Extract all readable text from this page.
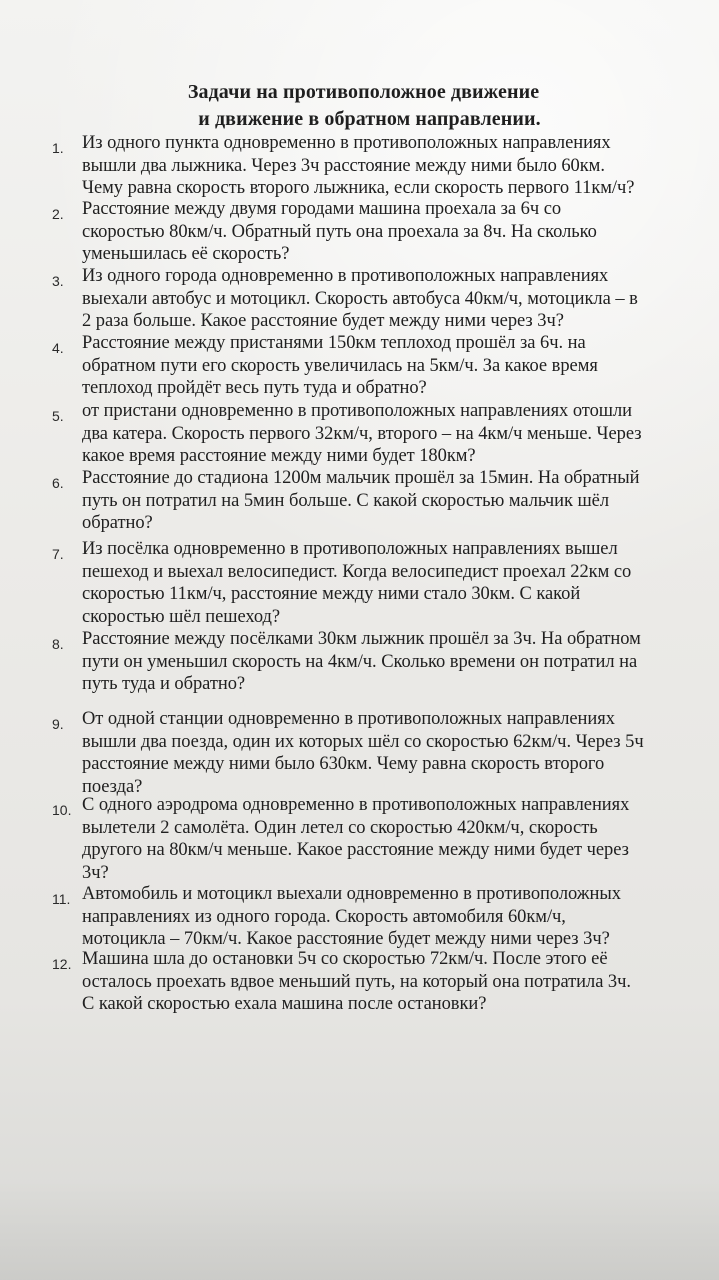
Задачи на противоположное движение
и движение в обратном направлении.
1. Из одного пункта одновременно в противоположных направлениях
вышли два лыжника. Через 3ч расстояние между ними было 60км.
Чему равна скорость второго лыжника, если скорость первого 11км/ч?
2. Расстояние между двумя городами машина проехала за 6ч со
скоростью 80км/ч. Обратный путь она проехала за 8ч. На сколько
уменьшилась её скорость?
3. Из одного города одновременно в противоположных направлениях
выехали автобус и мотоцикл. Скорость автобуса 40км/ч, мотоцикла – в
2 раза больше. Какое расстояние будет между ними через 3ч?
4. Расстояние между пристанями 150км теплоход прошёл за 6ч. на
обратном пути его скорость увеличилась на 5км/ч. За какое время
теплоход пройдёт весь путь туда и обратно?
5. от пристани одновременно в противоположных направлениях отошли
два катера. Скорость первого 32км/ч, второго – на 4км/ч меньше. Через
какое время расстояние между ними будет 180км?
6. Расстояние до стадиона 1200м мальчик прошёл за 15мин. На обратный
путь он потратил на 5мин больше. С какой скоростью мальчик шёл
обратно?
7. Из посёлка одновременно в противоположных направлениях вышел
пешеход и выехал велосипедист. Когда велосипедист проехал 22км со
скоростью 11км/ч, расстояние между ними стало 30км. С какой
скоростью шёл пешеход?
8. Расстояние между посёлками 30км лыжник прошёл за 3ч. На обратном
пути он уменьшил скорость на 4км/ч. Сколько времени он потратил на
путь туда и обратно?
9. От одной станции одновременно в противоположных направлениях
вышли два поезда, один их которых шёл со скоростью 62км/ч. Через 5ч
расстояние между ними было 630км. Чему равна скорость второго
поезда?
10. С одного аэродрома одновременно в противоположных направлениях
вылетели 2 самолёта. Один летел со скоростью 420км/ч, скорость
другого на 80км/ч меньше. Какое расстояние между ними будет через
3ч?
11. Автомобиль и мотоцикл выехали одновременно в противоположных
направлениях из одного города. Скорость автомобиля 60км/ч,
мотоцикла – 70км/ч. Какое расстояние будет между ними через 3ч?
12. Машина шла до остановки 5ч со скоростью 72км/ч. После этого её
осталось проехать вдвое меньший путь, на который она потратила 3ч.
С какой скоростью ехала машина после остановки?
